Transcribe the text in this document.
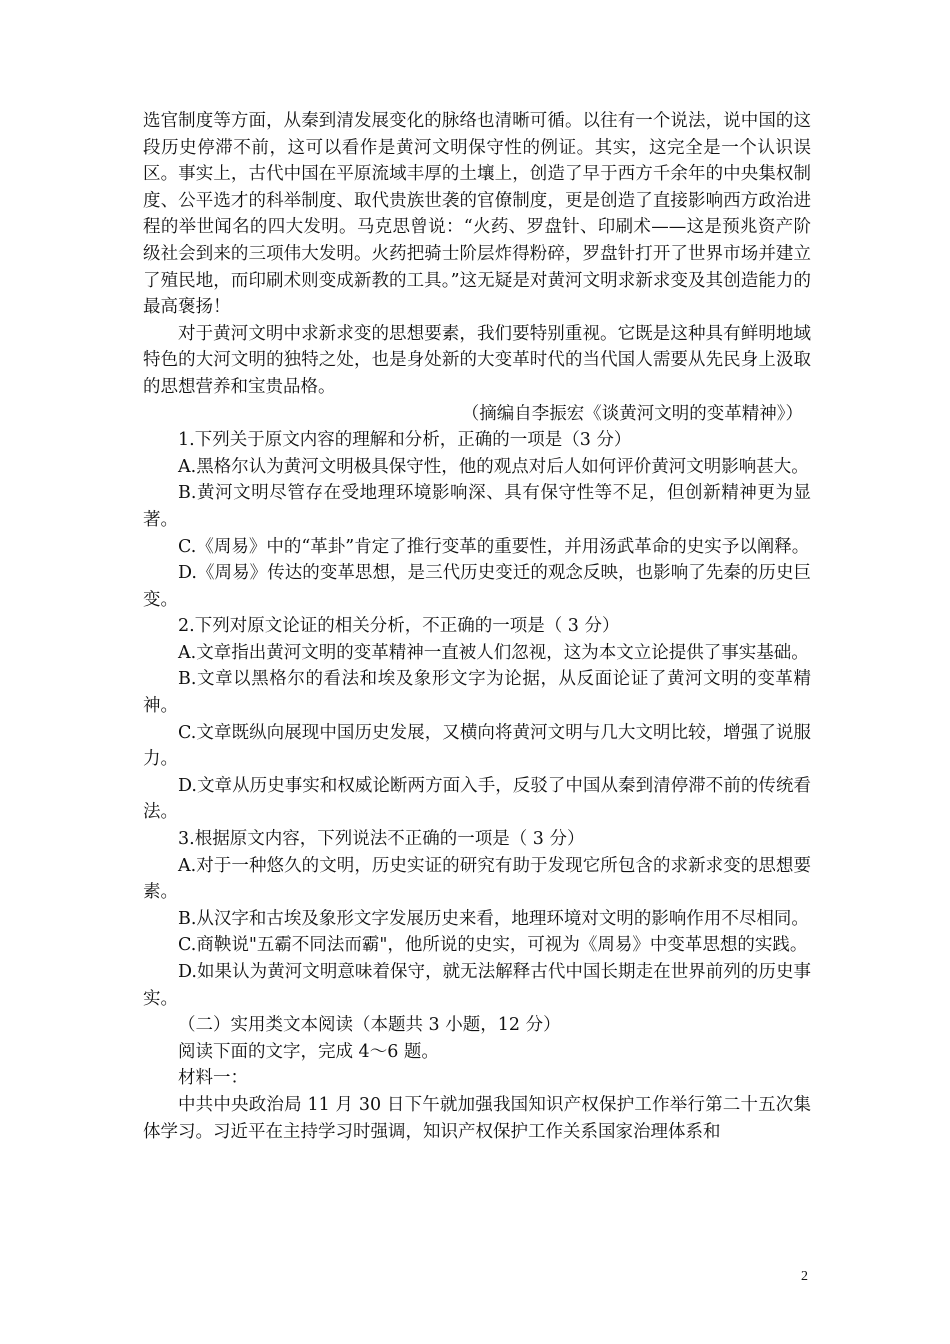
选官制度等方面，从秦到清发展变化的脉络也清晰可循。以往有一个说法，说中国的这段历史停滞不前，这可以看作是黄河文明保守性的例证。其实，这完全是一个认识误区。事实上，古代中国在平原流域丰厚的土壤上，创造了早于西方千余年的中央集权制度、公平选才的科举制度、取代贵族世袭的官僚制度，更是创造了直接影响西方政治进程的举世闻名的四大发明。马克思曾说：“火药、罗盘针、印刷术——这是预兆资产阶级社会到来的三项伟大发明。火药把骑士阶层炸得粉碎，罗盘针打开了世界市场并建立了殖民地，而印刷术则变成新教的工具。”这无疑是对黄河文明求新求变及其创造能力的最高褒扬！

对于黄河文明中求新求变的思想要素，我们要特别重视。它既是这种具有鲜明地域特色的大河文明的独特之处，也是身处新的大变革时代的当代国人需要从先民身上汲取的思想营养和宝贵品格。

（摘编自李振宏《谈黄河文明的变革精神》）

1.下列关于原文内容的理解和分析，正确的一项是（3 分）

A.黑格尔认为黄河文明极具保守性，他的观点对后人如何评价黄河文明影响甚大。

B.黄河文明尽管存在受地理环境影响深、具有保守性等不足，但创新精神更为显著。

C.《周易》中的“革卦”肯定了推行变革的重要性，并用汤武革命的史实予以阐释。

D.《周易》传达的变革思想，是三代历史变迁的观念反映，也影响了先秦的历史巨变。

2.下列对原文论证的相关分析，不正确的一项是（ 3 分）

A.文章指出黄河文明的变革精神一直被人们忽视，这为本文立论提供了事实基础。

B.文章以黑格尔的看法和埃及象形文字为论据，从反面论证了黄河文明的变革精神。

C.文章既纵向展现中国历史发展，又横向将黄河文明与几大文明比较，增强了说服力。

D.文章从历史事实和权威论断两方面入手，反驳了中国从秦到清停滞不前的传统看法。

3.根据原文内容，下列说法不正确的一项是（ 3 分）

A.对于一种悠久的文明，历史实证的研究有助于发现它所包含的求新求变的思想要素。

B.从汉字和古埃及象形文字发展历史来看，地理环境对文明的影响作用不尽相同。

C.商鞅说"五霸不同法而霸"，他所说的史实，可视为《周易》中变革思想的实践。

D.如果认为黄河文明意味着保守，就无法解释古代中国长期走在世界前列的历史事实。

（二）实用类文本阅读（本题共 3 小题，12 分）

阅读下面的文字，完成 4～6 题。

材料一：

中共中央政治局 11 月 30 日下午就加强我国知识产权保护工作举行第二十五次集体学习。习近平在主持学习时强调，知识产权保护工作关系国家治理体系和

2
